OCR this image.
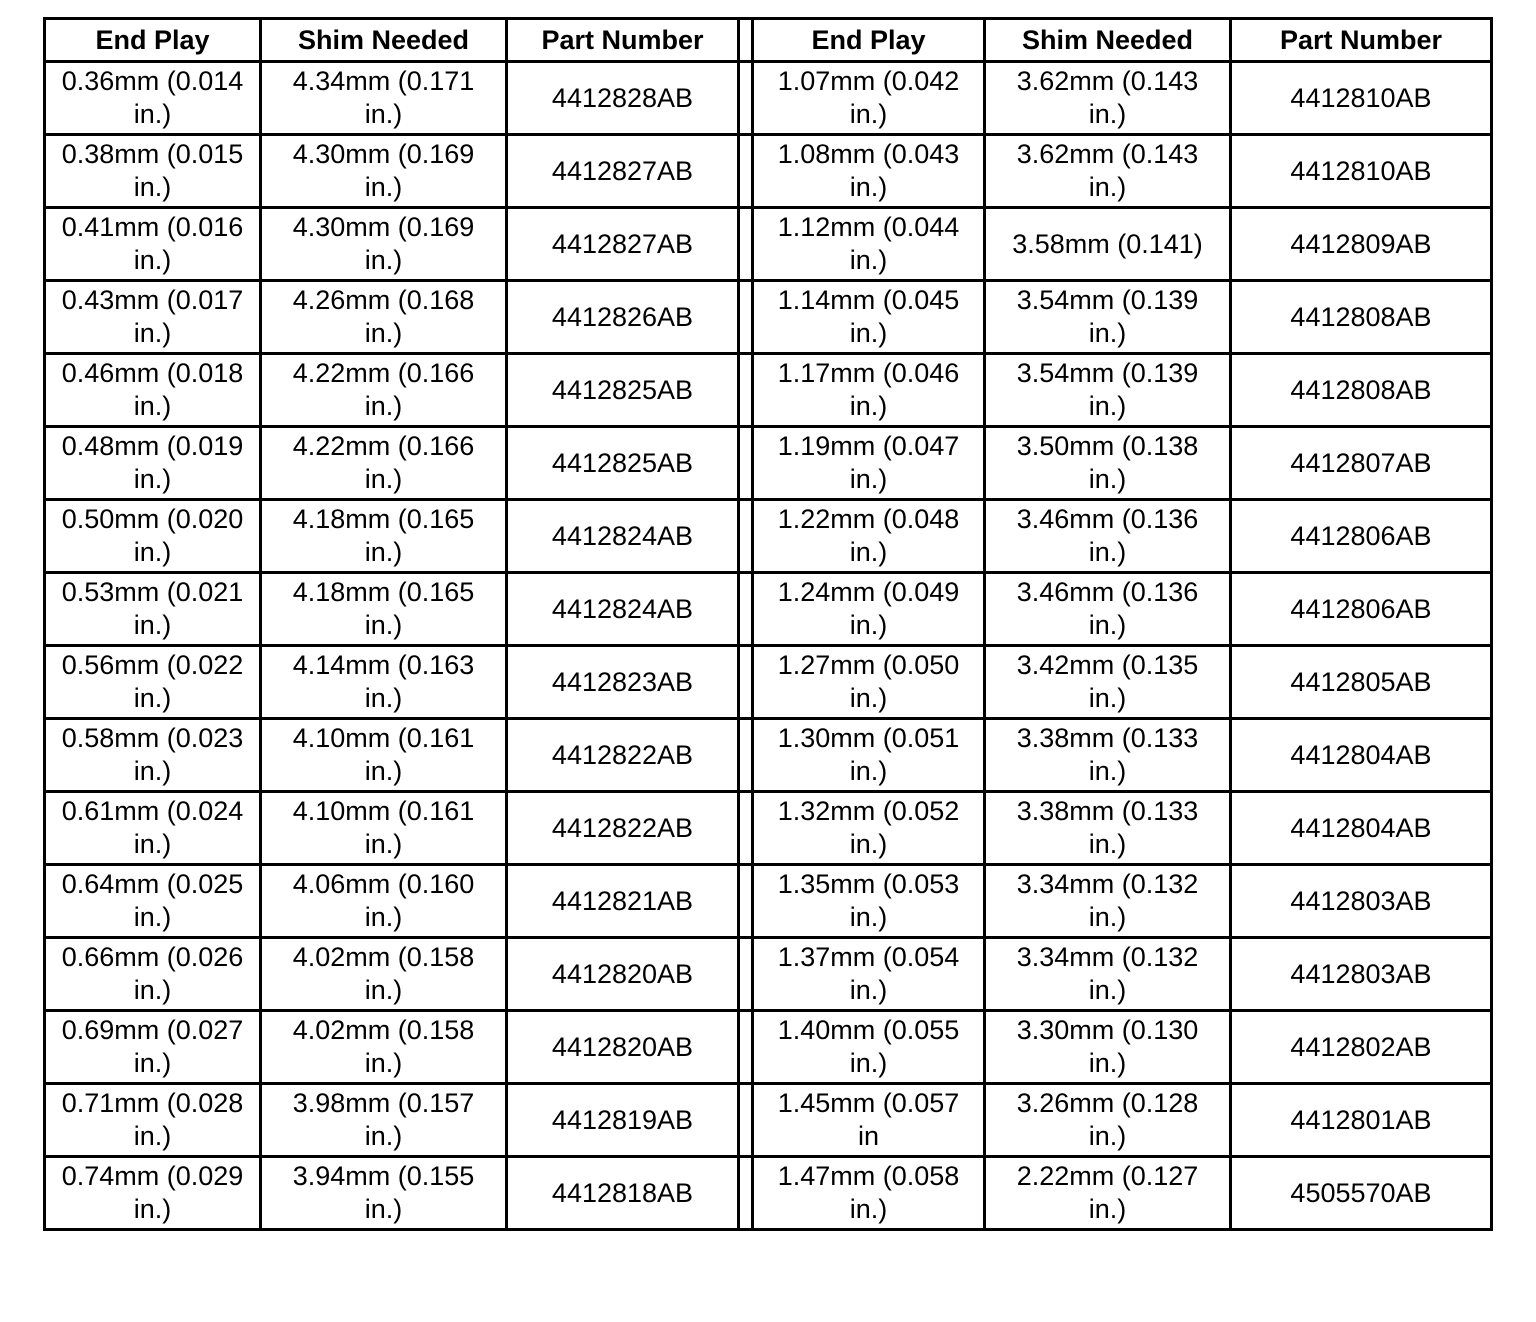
End Play	Shim Needed	Part Number		End Play	Shim Needed	Part Number

0.36mm (0.014
in.)	4.34mm (0.171
in.)	4412828AB		1.07mm (0.042
in.)	3.62mm (0.143
in.)	4412810AB

0.38mm (0.015
in.)	4.30mm (0.169
in.)	4412827AB		1.08mm (0.043
in.)	3.62mm (0.143
in.)	4412810AB

0.41mm (0.016
in.)	4.30mm (0.169
in.)	4412827AB		1.12mm (0.044
in.)	3.58mm (0.141)	4412809AB

0.43mm (0.017
in.)	4.26mm (0.168
in.)	4412826AB		1.14mm (0.045
in.)	3.54mm (0.139
in.)	4412808AB

0.46mm (0.018
in.)	4.22mm (0.166
in.)	4412825AB		1.17mm (0.046
in.)	3.54mm (0.139
in.)	4412808AB

0.48mm (0.019
in.)	4.22mm (0.166
in.)	4412825AB		1.19mm (0.047
in.)	3.50mm (0.138
in.)	4412807AB

0.50mm (0.020
in.)	4.18mm (0.165
in.)	4412824AB		1.22mm (0.048
in.)	3.46mm (0.136
in.)	4412806AB

0.53mm (0.021
in.)	4.18mm (0.165
in.)	4412824AB		1.24mm (0.049
in.)	3.46mm (0.136
in.)	4412806AB

0.56mm (0.022
in.)	4.14mm (0.163
in.)	4412823AB		1.27mm (0.050
in.)	3.42mm (0.135
in.)	4412805AB

0.58mm (0.023
in.)	4.10mm (0.161
in.)	4412822AB		1.30mm (0.051
in.)	3.38mm (0.133
in.)	4412804AB

0.61mm (0.024
in.)	4.10mm (0.161
in.)	4412822AB		1.32mm (0.052
in.)	3.38mm (0.133
in.)	4412804AB

0.64mm (0.025
in.)	4.06mm (0.160
in.)	4412821AB		1.35mm (0.053
in.)	3.34mm (0.132
in.)	4412803AB

0.66mm (0.026
in.)	4.02mm (0.158
in.)	4412820AB		1.37mm (0.054
in.)	3.34mm (0.132
in.)	4412803AB

0.69mm (0.027
in.)	4.02mm (0.158
in.)	4412820AB		1.40mm (0.055
in.)	3.30mm (0.130
in.)	4412802AB

0.71mm (0.028
in.)	3.98mm (0.157
in.)	4412819AB		1.45mm (0.057
in	3.26mm (0.128
in.)	4412801AB

0.74mm (0.029
in.)	3.94mm (0.155
in.)	4412818AB		1.47mm (0.058
in.)	2.22mm (0.127
in.)	4505570AB
